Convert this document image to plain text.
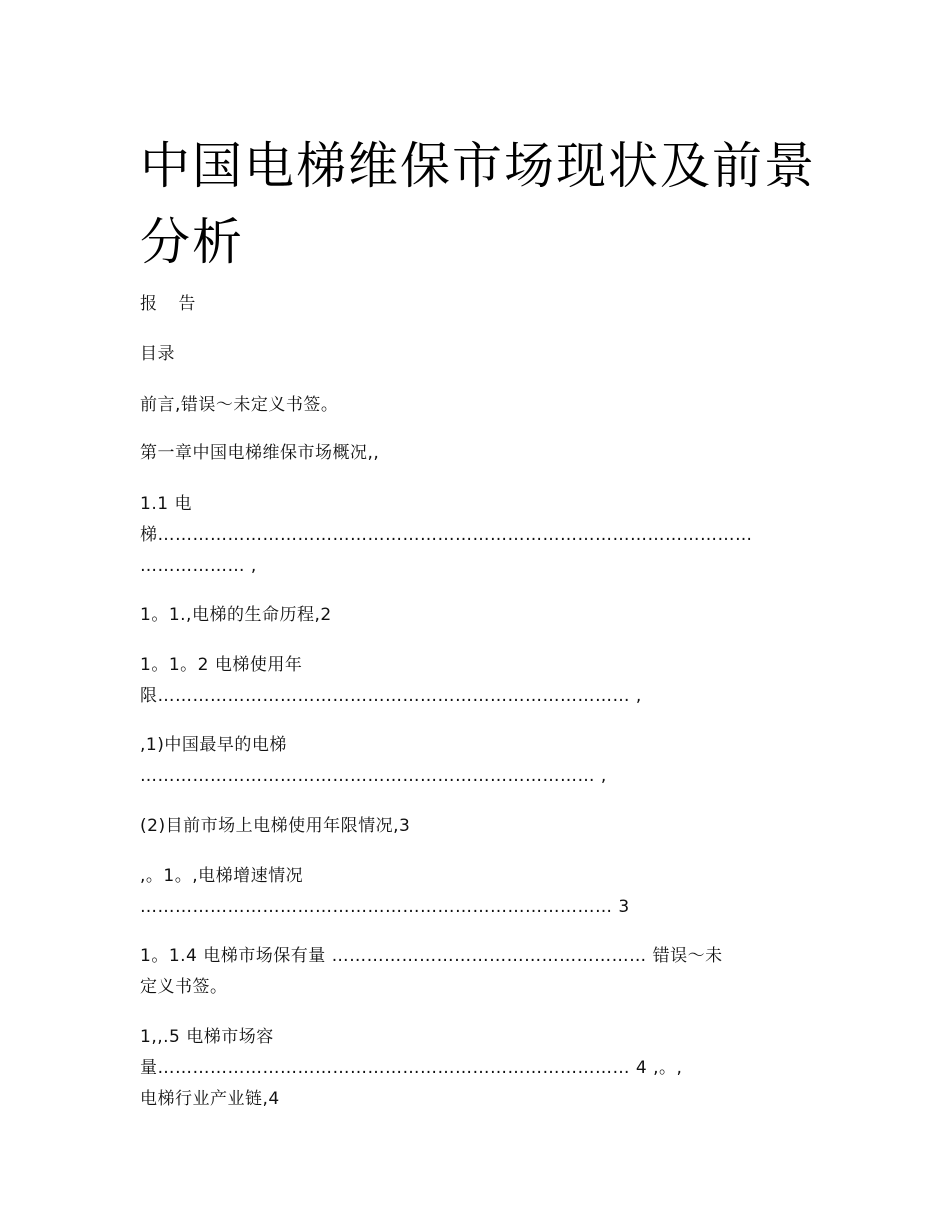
中国电梯维保市场现状及前景分析
报 告
目录
前言,错误～未定义书签。
第一章中国电梯维保市场概况,,
1.1 电
梯…………………………………………………………………………………………
……………… ,
1。1.,电梯的生命历程,2
1。1。2 电梯使用年
限……………………………………………………………………… ,
,1)中国最早的电梯
…………………………………………………………………… ,
(2)目前市场上电梯使用年限情况,3
,。1。,电梯增速情况
……………………………………………………………………… 3
1。1.4 电梯市场保有量 ……………………………………………… 错误～未
定义书签。
1,,.5 电梯市场容
量……………………………………………………………………… 4 ,。,
电梯行业产业链,4
